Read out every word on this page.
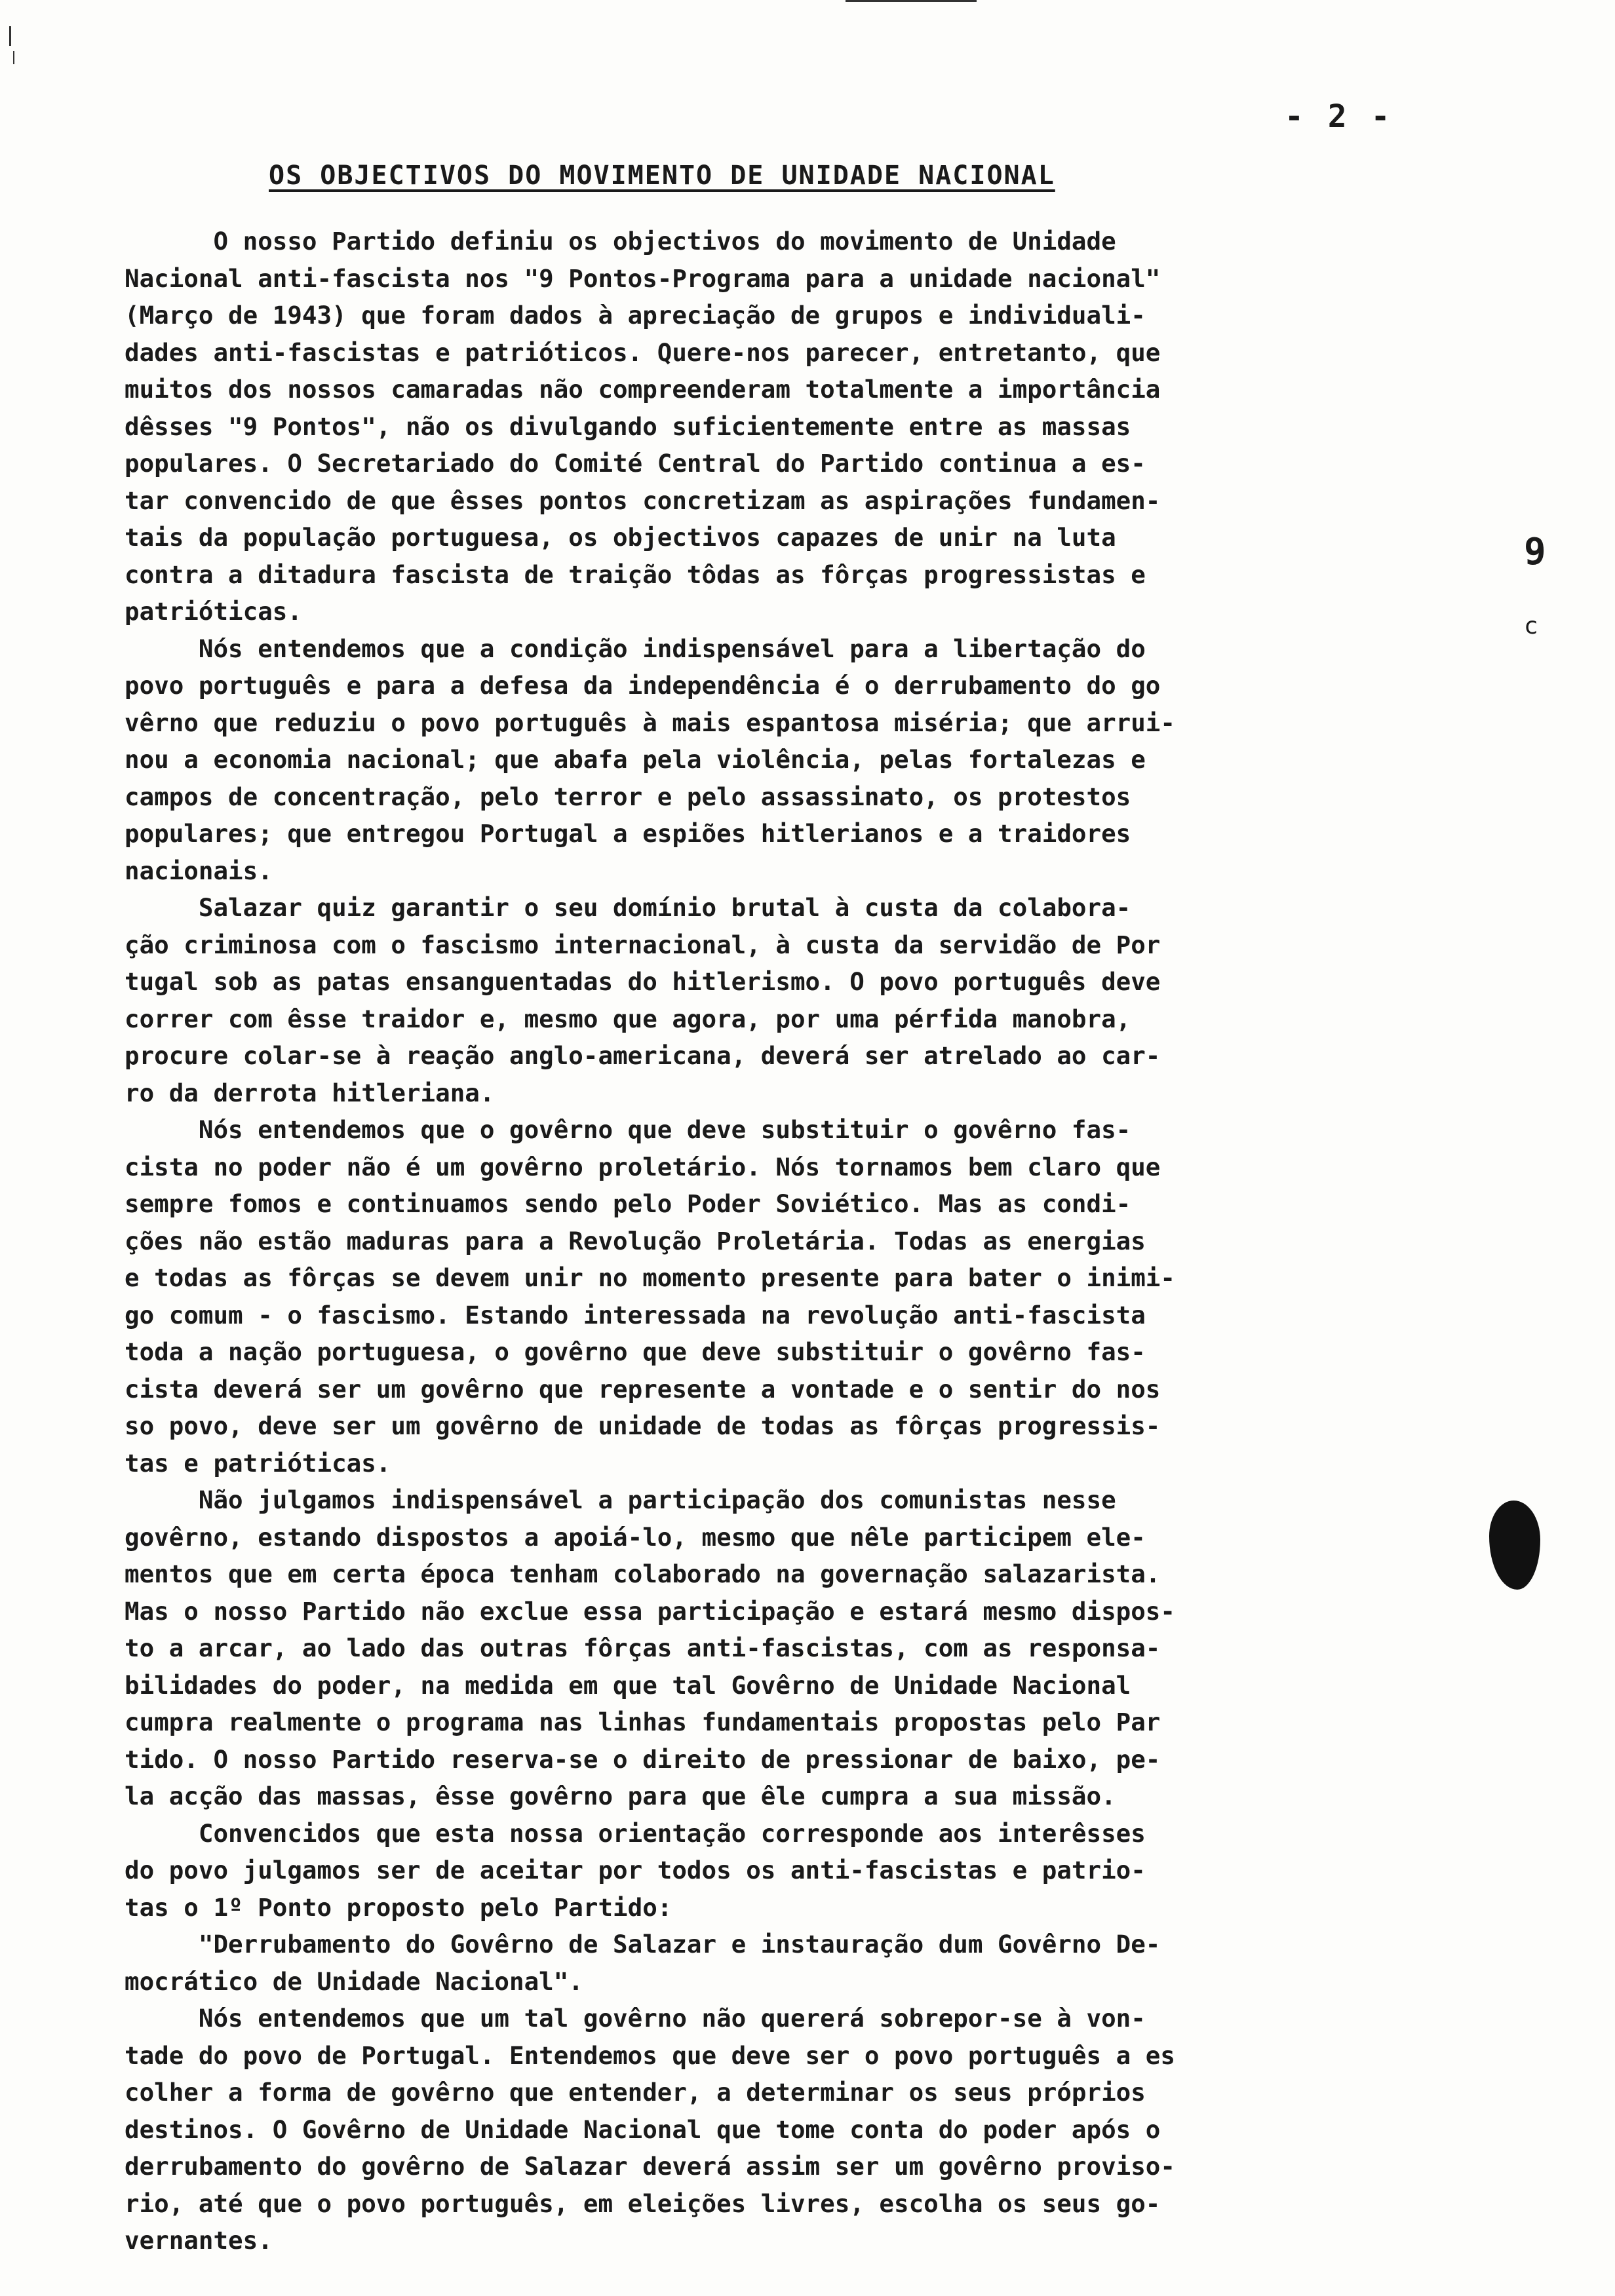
- 2 -
OS OBJECTIVOS DO MOVIMENTO DE UNIDADE NACIONAL
O nosso Partido definiu os objectivos do movimento de Unidade
Nacional anti-fascista nos "9 Pontos-Programa para a unidade nacional"
(Março de 1943) que foram dados à apreciação de grupos e individuali-
dades anti-fascistas e patrióticos. Quere-nos parecer, entretanto, que
muitos dos nossos camaradas não compreenderam totalmente a importância
dêsses "9 Pontos", não os divulgando suficientemente entre as massas
populares. O Secretariado do Comité Central do Partido continua a es-
tar convencido de que êsses pontos concretizam as aspirações fundamen-
tais da população portuguesa, os objectivos capazes de unir na luta
contra a ditadura fascista de traição tôdas as fôrças progressistas e
patrióticas.
Nós entendemos que a condição indispensável para a libertação do
povo português e para a defesa da independência é o derrubamento do go
vêrno que reduziu o povo português à mais espantosa miséria; que arrui-
nou a economia nacional; que abafa pela violência, pelas fortalezas e
campos de concentração, pelo terror e pelo assassinato, os protestos
populares; que entregou Portugal a espiões hitlerianos e a traidores
nacionais.
Salazar quiz garantir o seu domínio brutal à custa da colabora-
ção criminosa com o fascismo internacional, à custa da servidão de Por
tugal sob as patas ensanguentadas do hitlerismo. O povo português deve
correr com êsse traidor e, mesmo que agora, por uma pérfida manobra,
procure colar-se à reação anglo-americana, deverá ser atrelado ao car-
ro da derrota hitleriana.
Nós entendemos que o govêrno que deve substituir o govêrno fas-
cista no poder não é um govêrno proletário. Nós tornamos bem claro que
sempre fomos e continuamos sendo pelo Poder Soviético. Mas as condi-
ções não estão maduras para a Revolução Proletária. Todas as energias
e todas as fôrças se devem unir no momento presente para bater o inimi-
go comum - o fascismo. Estando interessada na revolução anti-fascista
toda a nação portuguesa, o govêrno que deve substituir o govêrno fas-
cista deverá ser um govêrno que represente a vontade e o sentir do nos
so povo, deve ser um govêrno de unidade de todas as fôrças progressis-
tas e patrióticas.
Não julgamos indispensável a participação dos comunistas nesse
govêrno, estando dispostos a apoiá-lo, mesmo que nêle participem ele-
mentos que em certa época tenham colaborado na governação salazarista.
Mas o nosso Partido não exclue essa participação e estará mesmo dispos-
to a arcar, ao lado das outras fôrças anti-fascistas, com as responsa-
bilidades do poder, na medida em que tal Govêrno de Unidade Nacional
cumpra realmente o programa nas linhas fundamentais propostas pelo Par
tido. O nosso Partido reserva-se o direito de pressionar de baixo, pe-
la acção das massas, êsse govêrno para que êle cumpra a sua missão.
Convencidos que esta nossa orientação corresponde aos interêsses
do povo julgamos ser de aceitar por todos os anti-fascistas e patrio-
tas o 1º Ponto proposto pelo Partido:
"Derrubamento do Govêrno de Salazar e instauração dum Govêrno De-
mocrático de Unidade Nacional".
Nós entendemos que um tal govêrno não quererá sobrepor-se à von-
tade do povo de Portugal. Entendemos que deve ser o povo português a es
colher a forma de govêrno que entender, a determinar os seus próprios
destinos. O Govêrno de Unidade Nacional que tome conta do poder após o
derrubamento do govêrno de Salazar deverá assim ser um govêrno proviso-
rio, até que o povo português, em eleições livres, escolha os seus go-
vernantes.
9
c
